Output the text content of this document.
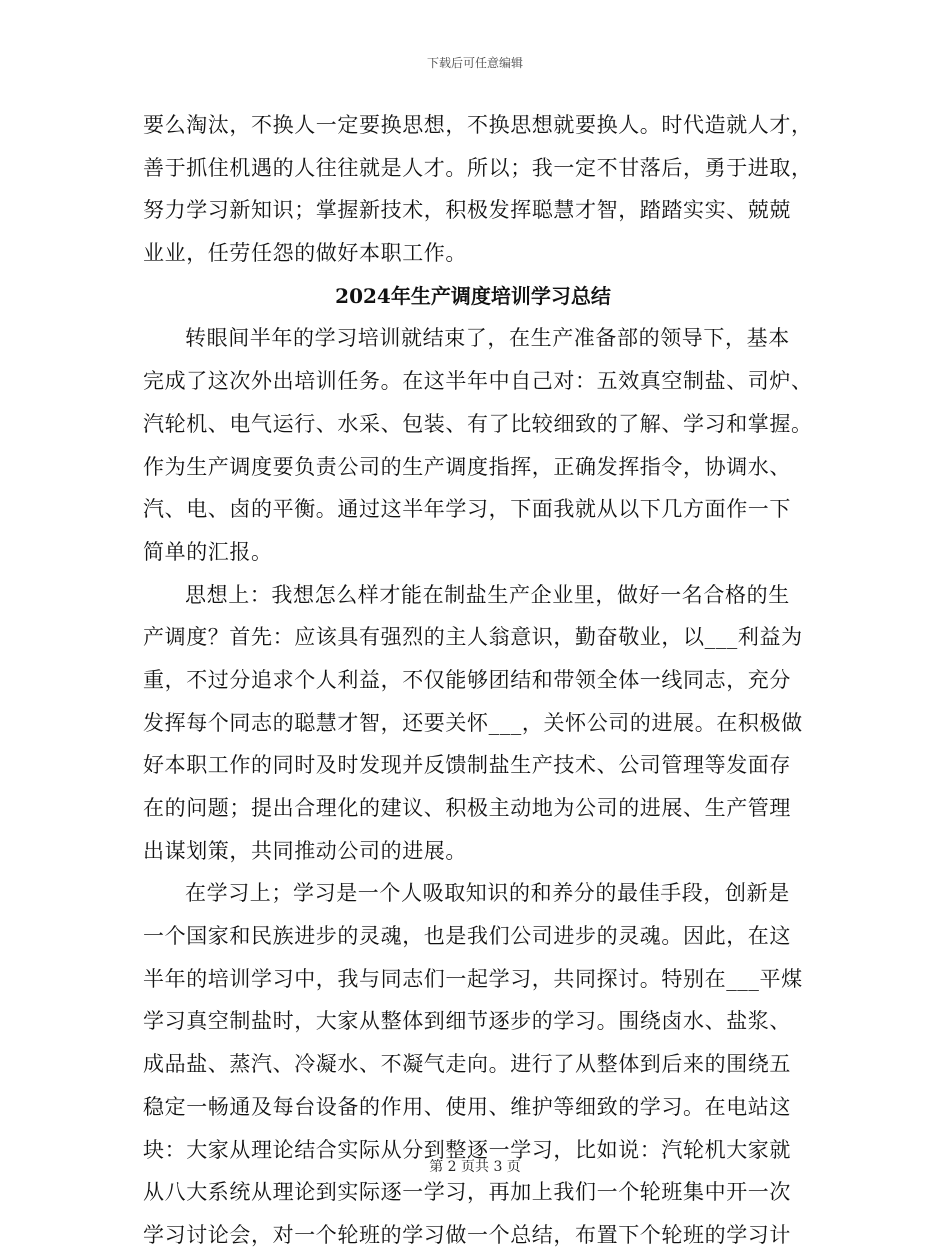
下载后可任意编辑
要么淘汰，不换人一定要换思想，不换思想就要换人。时代造就人才，
善于抓住机遇的人往往就是人才。所以；我一定不甘落后，勇于进取，
努力学习新知识；掌握新技术，积极发挥聪慧才智，踏踏实实、兢兢
业业，任劳任怨的做好本职工作。
2024年生产调度培训学习总结
转眼间半年的学习培训就结束了，在生产准备部的领导下，基本
完成了这次外出培训任务。在这半年中自己对：五效真空制盐、司炉、
汽轮机、电气运行、水采、包装、有了比较细致的了解、学习和掌握。
作为生产调度要负责公司的生产调度指挥，正确发挥指令，协调水、
汽、电、卤的平衡。通过这半年学习，下面我就从以下几方面作一下
简单的汇报。
思想上：我想怎么样才能在制盐生产企业里，做好一名合格的生
产调度？首先：应该具有强烈的主人翁意识，勤奋敬业，以___利益为
重，不过分追求个人利益，不仅能够团结和带领全体一线同志，充分
发挥每个同志的聪慧才智，还要关怀___，关怀公司的进展。在积极做
好本职工作的同时及时发现并反馈制盐生产技术、公司管理等发面存
在的问题；提出合理化的建议、积极主动地为公司的进展、生产管理
出谋划策，共同推动公司的进展。
在学习上；学习是一个人吸取知识的和养分的最佳手段，创新是
一个国家和民族进步的灵魂，也是我们公司进步的灵魂。因此，在这
半年的培训学习中，我与同志们一起学习，共同探讨。特别在___平煤
学习真空制盐时，大家从整体到细节逐步的学习。围绕卤水、盐浆、
成品盐、蒸汽、冷凝水、不凝气走向。进行了从整体到后来的围绕五
稳定一畅通及每台设备的作用、使用、维护等细致的学习。在电站这
块：大家从理论结合实际从分到整逐一学习，比如说：汽轮机大家就
从八大系统从理论到实际逐一学习，再加上我们一个轮班集中开一次
学习讨论会，对一个轮班的学习做一个总结，布置下个轮班的学习计
第 2 页共 3 页
